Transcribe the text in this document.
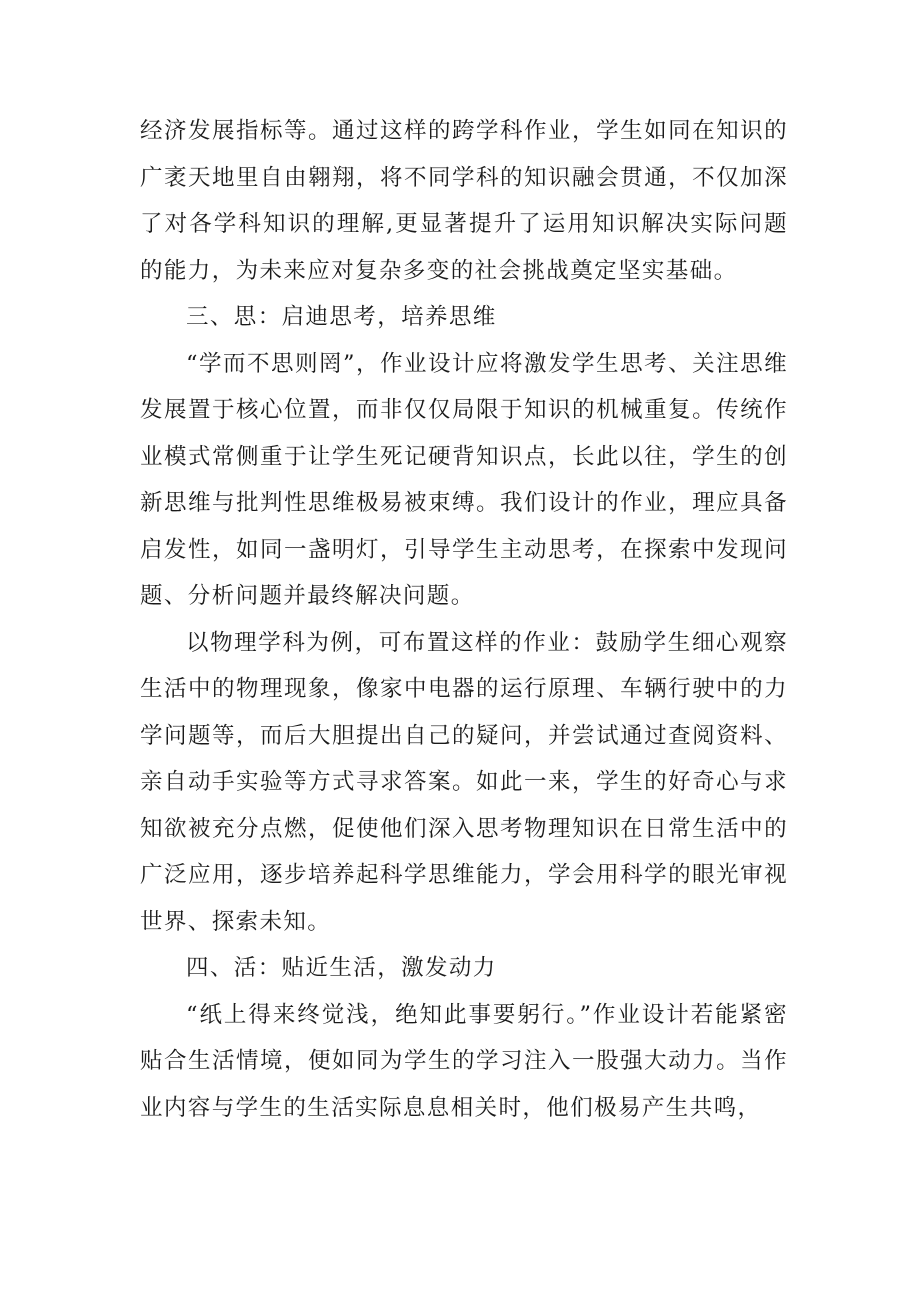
经济发展指标等。通过这样的跨学科作业，学生如同在知识的广袤天地里自由翱翔，将不同学科的知识融会贯通，不仅加深了对各学科知识的理解,更显著提升了运用知识解决实际问题的能力，为未来应对复杂多变的社会挑战奠定坚实基础。

三、思：启迪思考，培养思维

“学而不思则罔”，作业设计应将激发学生思考、关注思维发展置于核心位置，而非仅仅局限于知识的机械重复。传统作业模式常侧重于让学生死记硬背知识点，长此以往，学生的创新思维与批判性思维极易被束缚。我们设计的作业，理应具备启发性，如同一盏明灯，引导学生主动思考，在探索中发现问题、分析问题并最终解决问题。

以物理学科为例，可布置这样的作业：鼓励学生细心观察生活中的物理现象，像家中电器的运行原理、车辆行驶中的力学问题等，而后大胆提出自己的疑问，并尝试通过查阅资料、亲自动手实验等方式寻求答案。如此一来，学生的好奇心与求知欲被充分点燃，促使他们深入思考物理知识在日常生活中的广泛应用，逐步培养起科学思维能力，学会用科学的眼光审视世界、探索未知。

四、活：贴近生活，激发动力

“纸上得来终觉浅，绝知此事要躬行。”作业设计若能紧密贴合生活情境，便如同为学生的学习注入一股强大动力。当作业内容与学生的生活实际息息相关时，他们极易产生共鸣，
